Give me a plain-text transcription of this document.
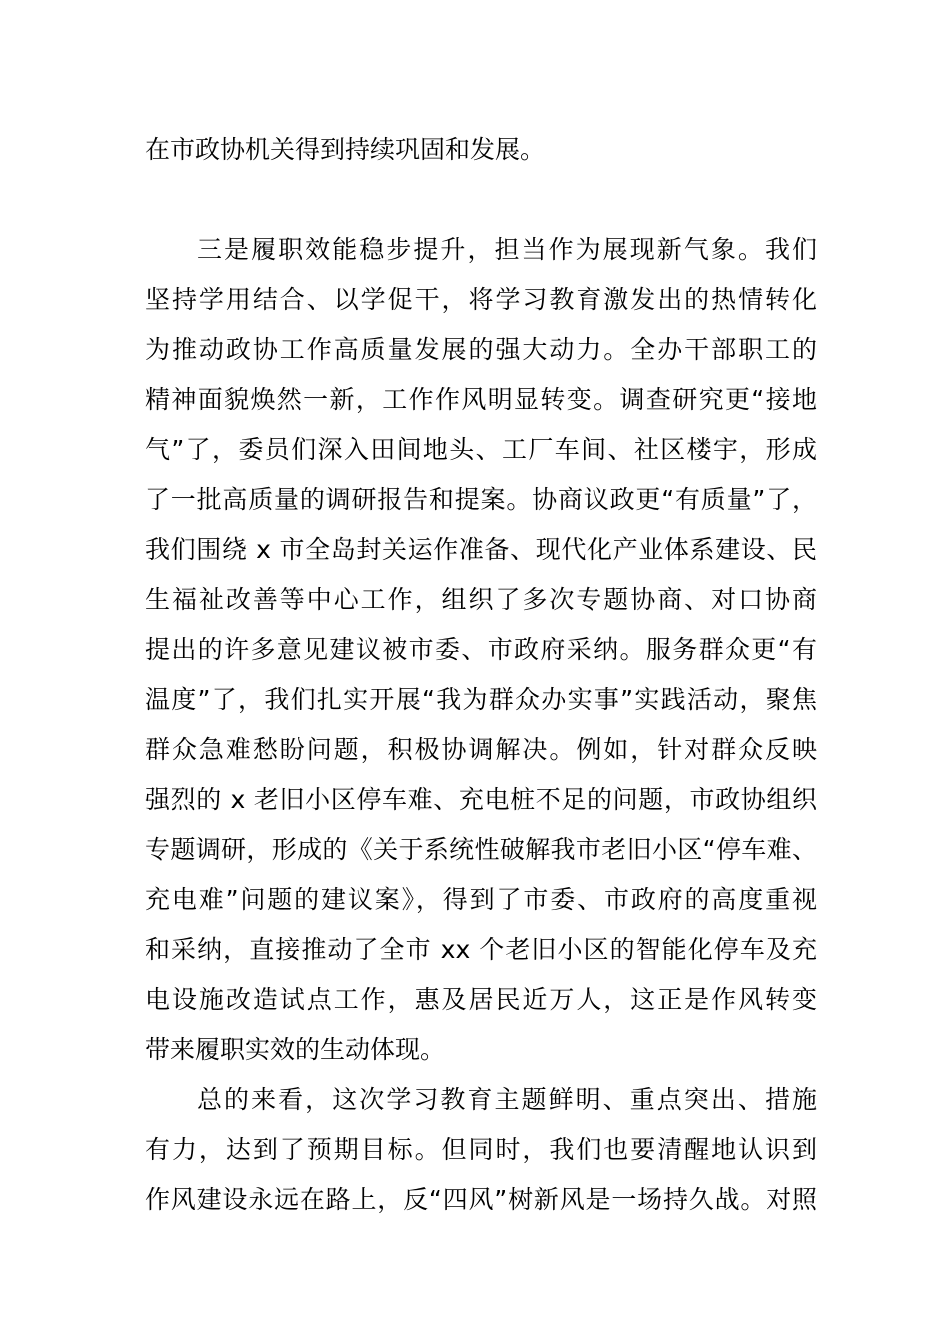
在市政协机关得到持续巩固和发展。
三是履职效能稳步提升，担当作为展现新气象。我们
坚持学用结合、以学促干，将学习教育激发出的热情转化
为推动政协工作高质量发展的强大动力。全办干部职工的
精神面貌焕然一新，工作作风明显转变。调查研究更“接地
气”了，委员们深入田间地头、工厂车间、社区楼宇，形成
了一批高质量的调研报告和提案。协商议政更“有质量”了，
我们围绕 x 市全岛封关运作准备、现代化产业体系建设、民
生福祉改善等中心工作，组织了多次专题协商、对口协商
提出的许多意见建议被市委、市政府采纳。服务群众更“有
温度”了，我们扎实开展“我为群众办实事”实践活动，聚焦
群众急难愁盼问题，积极协调解决。例如，针对群众反映
强烈的 x 老旧小区停车难、充电桩不足的问题，市政协组织
专题调研，形成的《关于系统性破解我市老旧小区“停车难、
充电难”问题的建议案》，得到了市委、市政府的高度重视
和采纳，直接推动了全市 xx 个老旧小区的智能化停车及充
电设施改造试点工作，惠及居民近万人，这正是作风转变
带来履职实效的生动体现。
总的来看，这次学习教育主题鲜明、重点突出、措施
有力，达到了预期目标。但同时，我们也要清醒地认识到
作风建设永远在路上，反“四风”树新风是一场持久战。对照
